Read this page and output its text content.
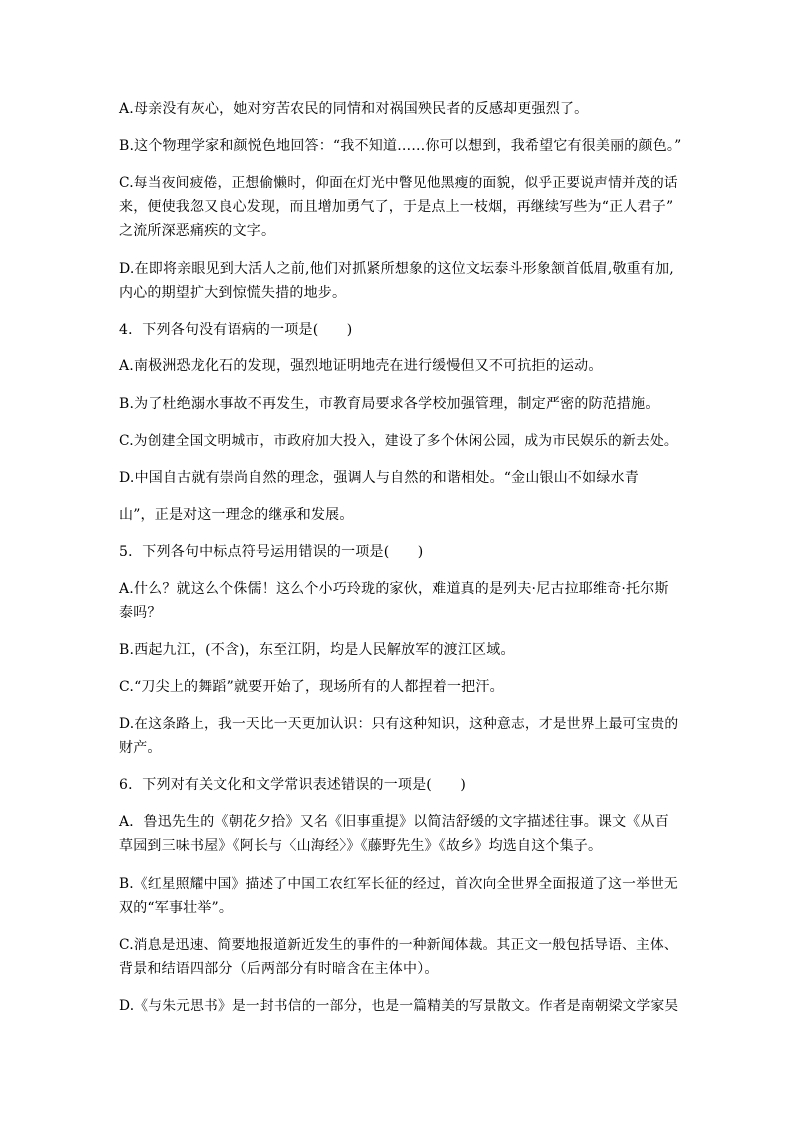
A.母亲没有灰心，她对穷苦农民的同情和对祸国殃民者的反感却更强烈了。
B.这个物理学家和颜悦色地回答：“我不知道……你可以想到，我希望它有很美丽的颜色。”
C.每当夜间疲倦，正想偷懒时，仰面在灯光中瞥见他黑瘦的面貌，似乎正要说声情并茂的话
来，便使我忽又良心发现，而且增加勇气了，于是点上一枝烟，再继续写些为“正人君子”
之流所深恶痛疾的文字。
D.在即将亲眼见到大活人之前,他们对抓紧所想象的这位文坛泰斗形象颔首低眉,敬重有加,
内心的期望扩大到惊慌失措的地步。
4．下列各句没有语病的一项是(　　)
A.南极洲恐龙化石的发现，强烈地证明地壳在进行缓慢但又不可抗拒的运动。
B.为了杜绝溺水事故不再发生，市教育局要求各学校加强管理，制定严密的防范措施。
C.为创建全国文明城市，市政府加大投入，建设了多个休闲公园，成为市民娱乐的新去处。
D.中国自古就有崇尚自然的理念，强调人与自然的和谐相处。“金山银山不如绿水青
山”，正是对这一理念的继承和发展。
5．下列各句中标点符号运用错误的一项是(　　)
A.什么？就这么个侏儒！这么个小巧玲珑的家伙，难道真的是列夫·尼古拉耶维奇·托尔斯
泰吗？
B.西起九江，(不含)，东至江阴，均是人民解放军的渡江区域。
C.“刀尖上的舞蹈”就要开始了，现场所有的人都捏着一把汗。
D.在这条路上，我一天比一天更加认识：只有这种知识，这种意志，才是世界上最可宝贵的
财产。
6．下列对有关文化和文学常识表述错误的一项是(　　)
A．鲁迅先生的《朝花夕拾》又名《旧事重提》以简洁舒缓的文字描述往事。课文《从百
草园到三味书屋》《阿长与〈山海经〉》《藤野先生》《故乡》均选自这个集子。
B.《红星照耀中国》描述了中国工农红军长征的经过，首次向全世界全面报道了这一举世无
双的“军事壮举”。
C.消息是迅速、简要地报道新近发生的事件的一种新闻体裁。其正文一般包括导语、主体、
背景和结语四部分（后两部分有时暗含在主体中）。
D.《与朱元思书》是一封书信的一部分，也是一篇精美的写景散文。作者是南朝梁文学家吴
